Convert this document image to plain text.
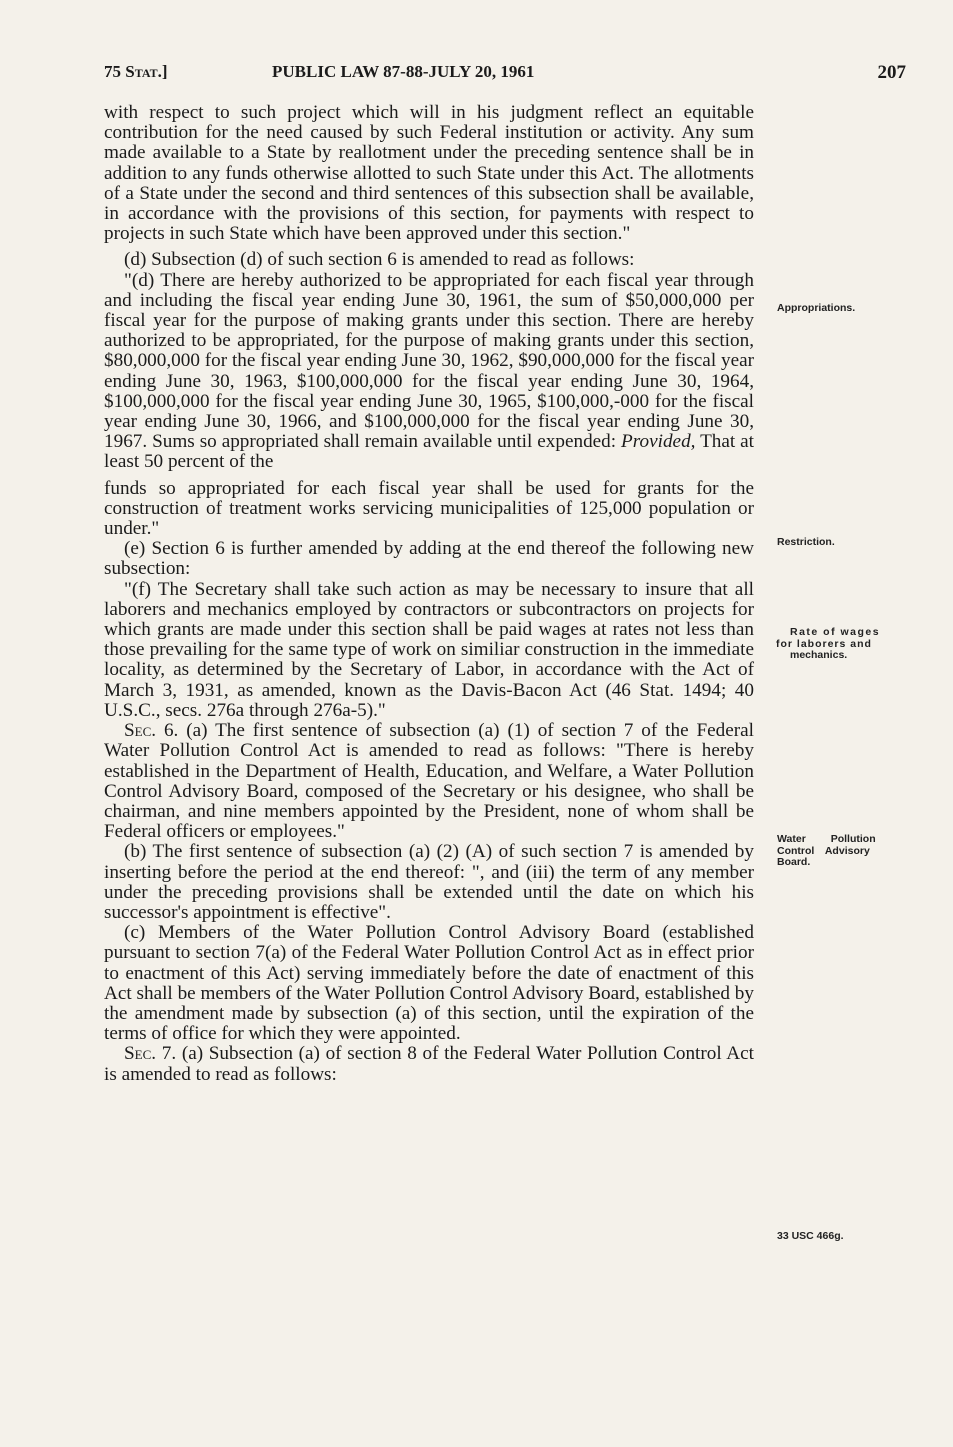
75 Stat.]	PUBLIC LAW 87-88-JULY 20, 1961	207

with respect to such project which will in his judgment reflect an equitable contribution for the need caused by such Federal institution or activity. Any sum made available to a State by reallotment under the preceding sentence shall be in addition to any funds otherwise allotted to such State under this Act. The allotments of a State under the second and third sentences of this subsection shall be available, in accordance with the provisions of this section, for payments with respect to projects in such State which have been approved under this section."

(d) Subsection (d) of such section 6 is amended to read as follows:

"(d) There are hereby authorized to be appropriated for each fiscal year through and including the fiscal year ending June 30, 1961, the sum of $50,000,000 per fiscal year for the purpose of making grants under this section. There are hereby authorized to be appropriated, for the purpose of making grants under this section, $80,000,000 for the fiscal year ending June 30, 1962, $90,000,000 for the fiscal year ending June 30, 1963, $100,000,000 for the fiscal year ending June 30, 1964, $100,000,000 for the fiscal year ending June 30, 1965, $100,000,-000 for the fiscal year ending June 30, 1966, and $100,000,000 for the fiscal year ending June 30, 1967. Sums so appropriated shall remain available until expended: Provided, That at least 50 percent of the

funds so appropriated for each fiscal year shall be used for grants for the construction of treatment works servicing municipalities of 125,000 population or under."

(e) Section 6 is further amended by adding at the end thereof the following new subsection:

"(f) The Secretary shall take such action as may be necessary to insure that all laborers and mechanics employed by contractors or subcontractors on projects for which grants are made under this section shall be paid wages at rates not less than those prevailing for the same type of work on similiar construction in the immediate locality, as determined by the Secretary of Labor, in accordance with the Act of March 3, 1931, as amended, known as the Davis-Bacon Act (46 Stat. 1494; 40 U.S.C., secs. 276a through 276a-5)."

Sec. 6. (a) The first sentence of subsection (a) (1) of section 7 of the Federal Water Pollution Control Act is amended to read as follows: "There is hereby established in the Department of Health, Education, and Welfare, a Water Pollution Control Advisory Board, composed of the Secretary or his designee, who shall be chairman, and nine members appointed by the President, none of whom shall be Federal officers or employees."

(b) The first sentence of subsection (a) (2) (A) of such section 7 is amended by inserting before the period at the end thereof: ", and (iii) the term of any member under the preceding provisions shall be extended until the date on which his successor's appointment is effective".

(c) Members of the Water Pollution Control Advisory Board (established pursuant to section 7(a) of the Federal Water Pollution Control Act as in effect prior to enactment of this Act) serving immediately before the date of enactment of this Act shall be members of the Water Pollution Control Advisory Board, established by the amendment made by subsection (a) of this section, until the expiration of the terms of office for which they were appointed.

Sec. 7. (a) Subsection (a) of section 8 of the Federal Water Pollution Control Act is amended to read as follows:

Appropriations.
Restriction.
Rate of wages
for laborers and
mechanics.
Water Pollution
Control Advisory
Board.
33 USC 466g.
